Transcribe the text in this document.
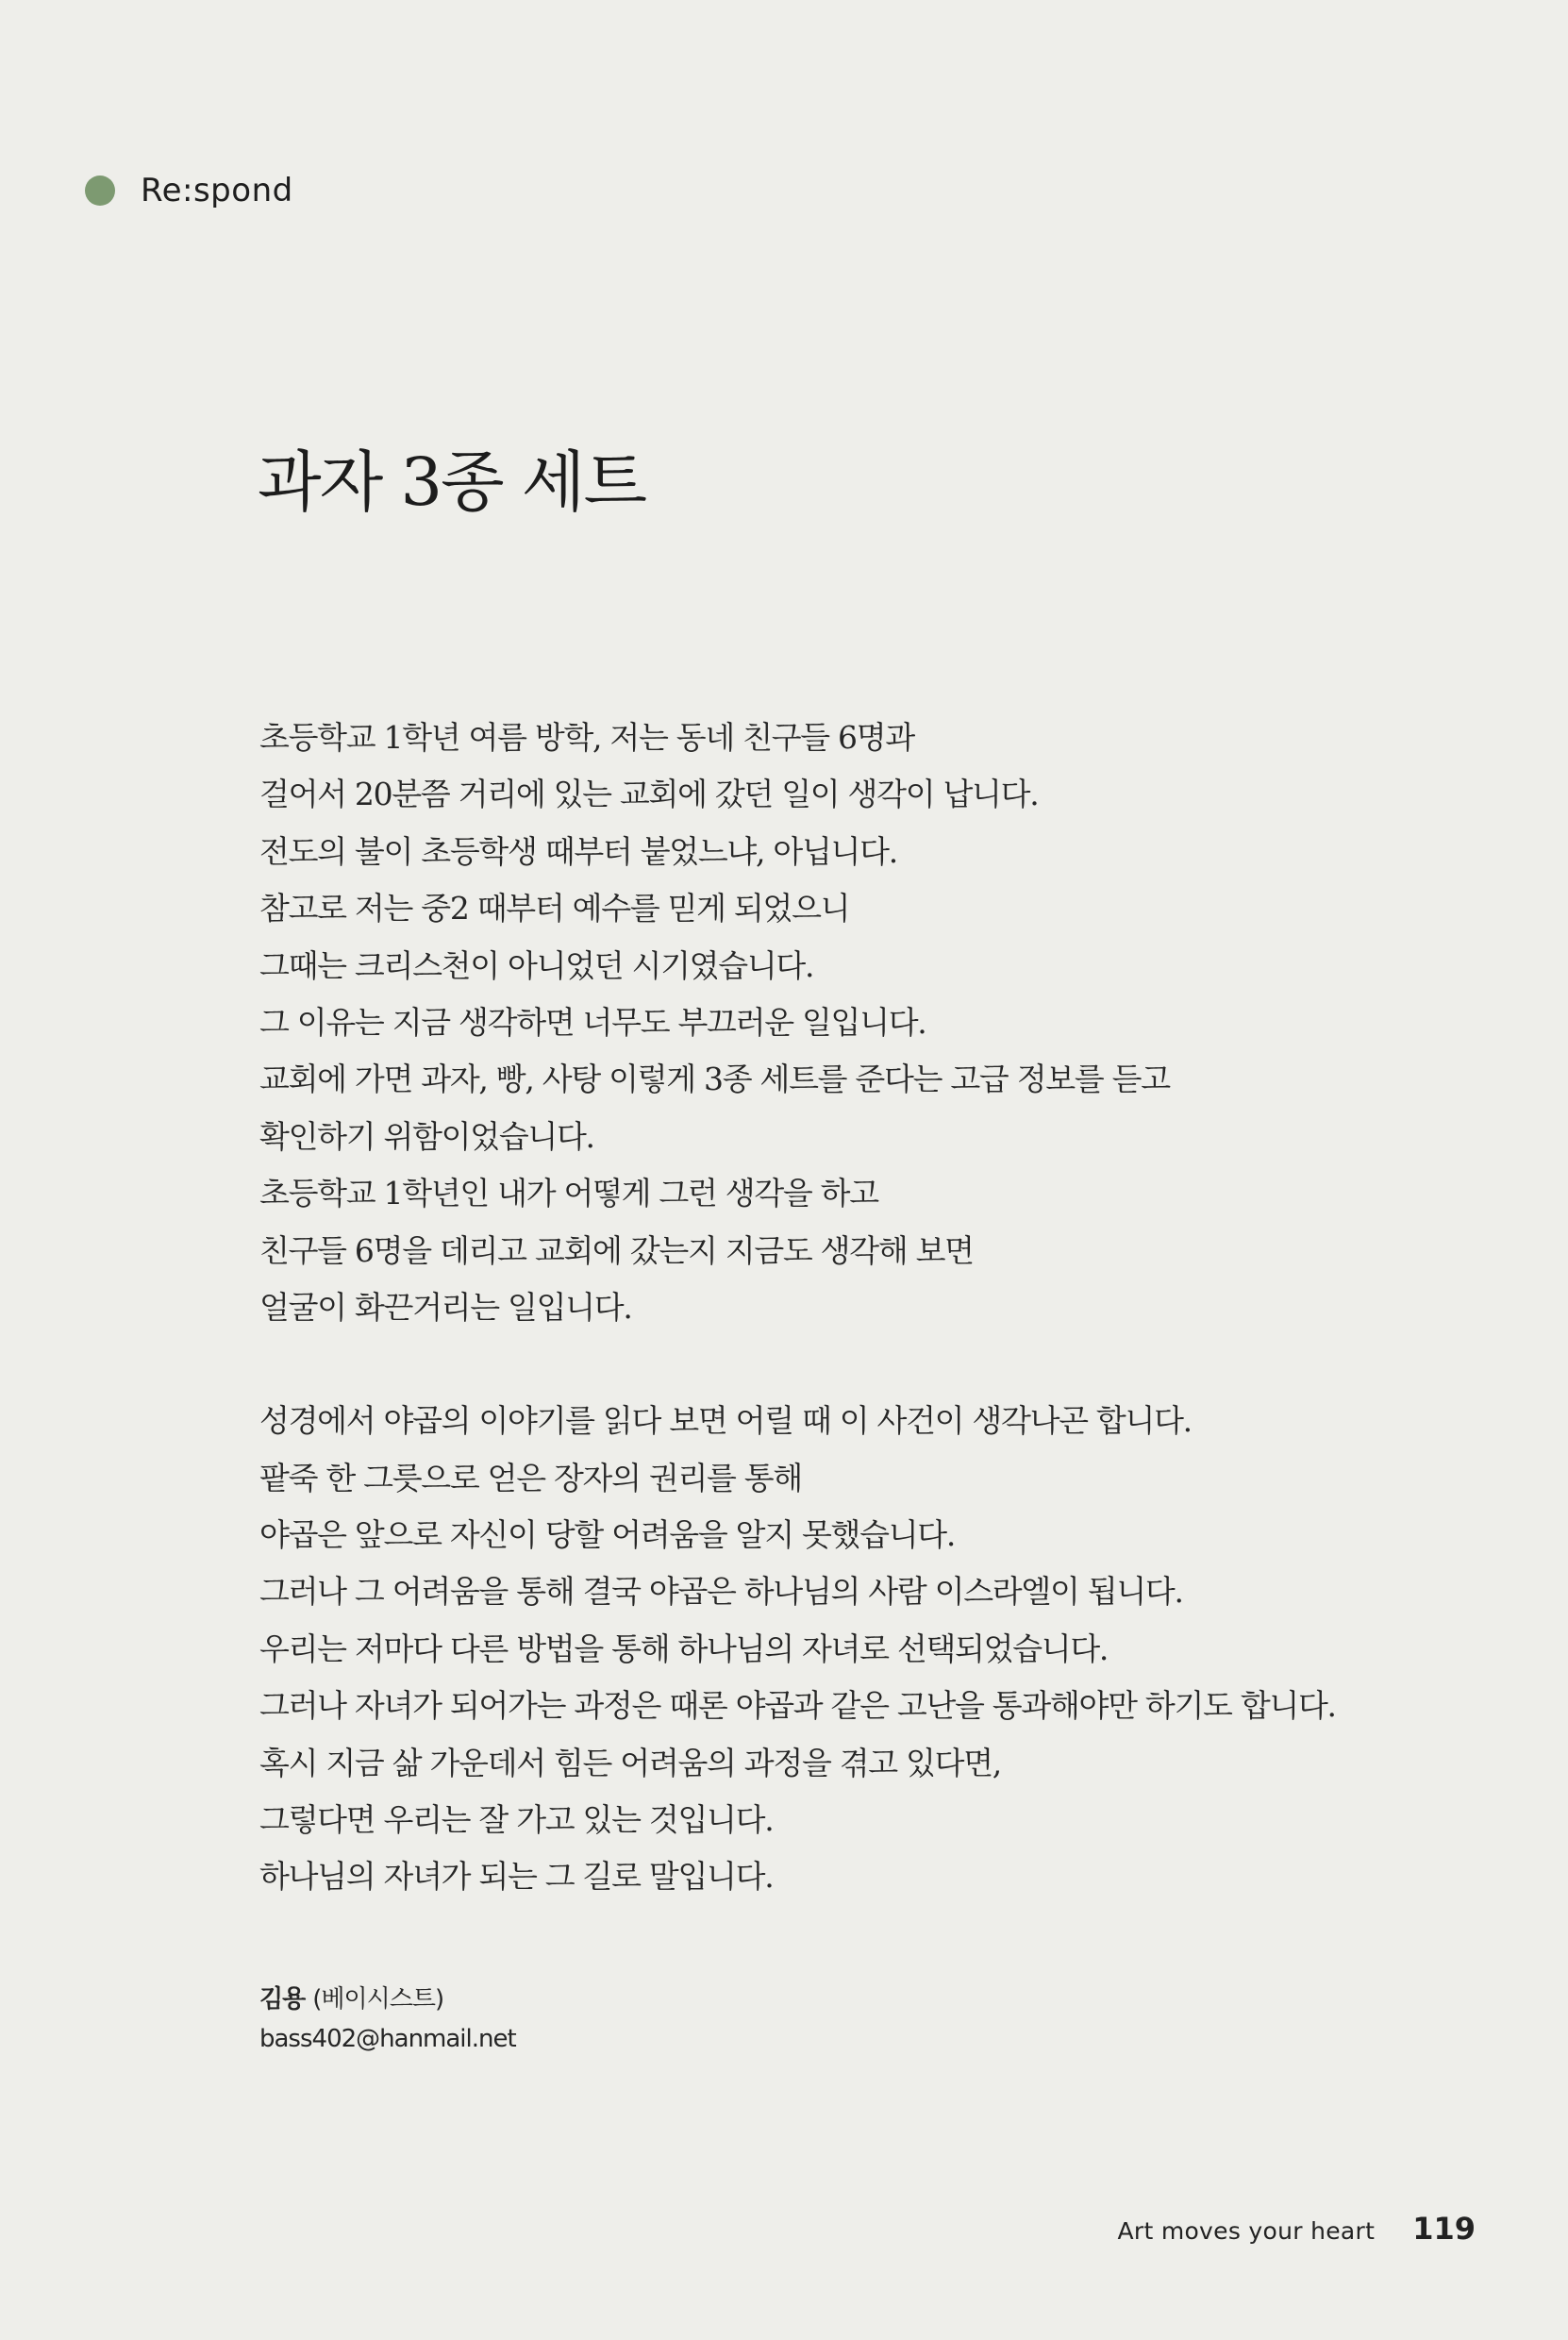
Re:spond
과자 3종 세트

초등학교 1학년 여름 방학, 저는 동네 친구들 6명과
걸어서 20분쯤 거리에 있는 교회에 갔던 일이 생각이 납니다.
전도의 불이 초등학생 때부터 붙었느냐, 아닙니다.
참고로 저는 중2 때부터 예수를 믿게 되었으니
그때는 크리스천이 아니었던 시기였습니다.
그 이유는 지금 생각하면 너무도 부끄러운 일입니다.
교회에 가면 과자, 빵, 사탕 이렇게 3종 세트를 준다는 고급 정보를 듣고
확인하기 위함이었습니다.
초등학교 1학년인 내가 어떻게 그런 생각을 하고
친구들 6명을 데리고 교회에 갔는지 지금도 생각해 보면
얼굴이 화끈거리는 일입니다.

성경에서 야곱의 이야기를 읽다 보면 어릴 때 이 사건이 생각나곤 합니다.
팥죽 한 그릇으로 얻은 장자의 권리를 통해
야곱은 앞으로 자신이 당할 어려움을 알지 못했습니다.
그러나 그 어려움을 통해 결국 야곱은 하나님의 사람 이스라엘이 됩니다.
우리는 저마다 다른 방법을 통해 하나님의 자녀로 선택되었습니다.
그러나 자녀가 되어가는 과정은 때론 야곱과 같은 고난을 통과해야만 하기도 합니다.
혹시 지금 삶 가운데서 힘든 어려움의 과정을 겪고 있다면,
그렇다면 우리는 잘 가고 있는 것입니다.
하나님의 자녀가 되는 그 길로 말입니다.

김용 (베이시스트)
bass402@hanmail.net
Art moves your heart 119
